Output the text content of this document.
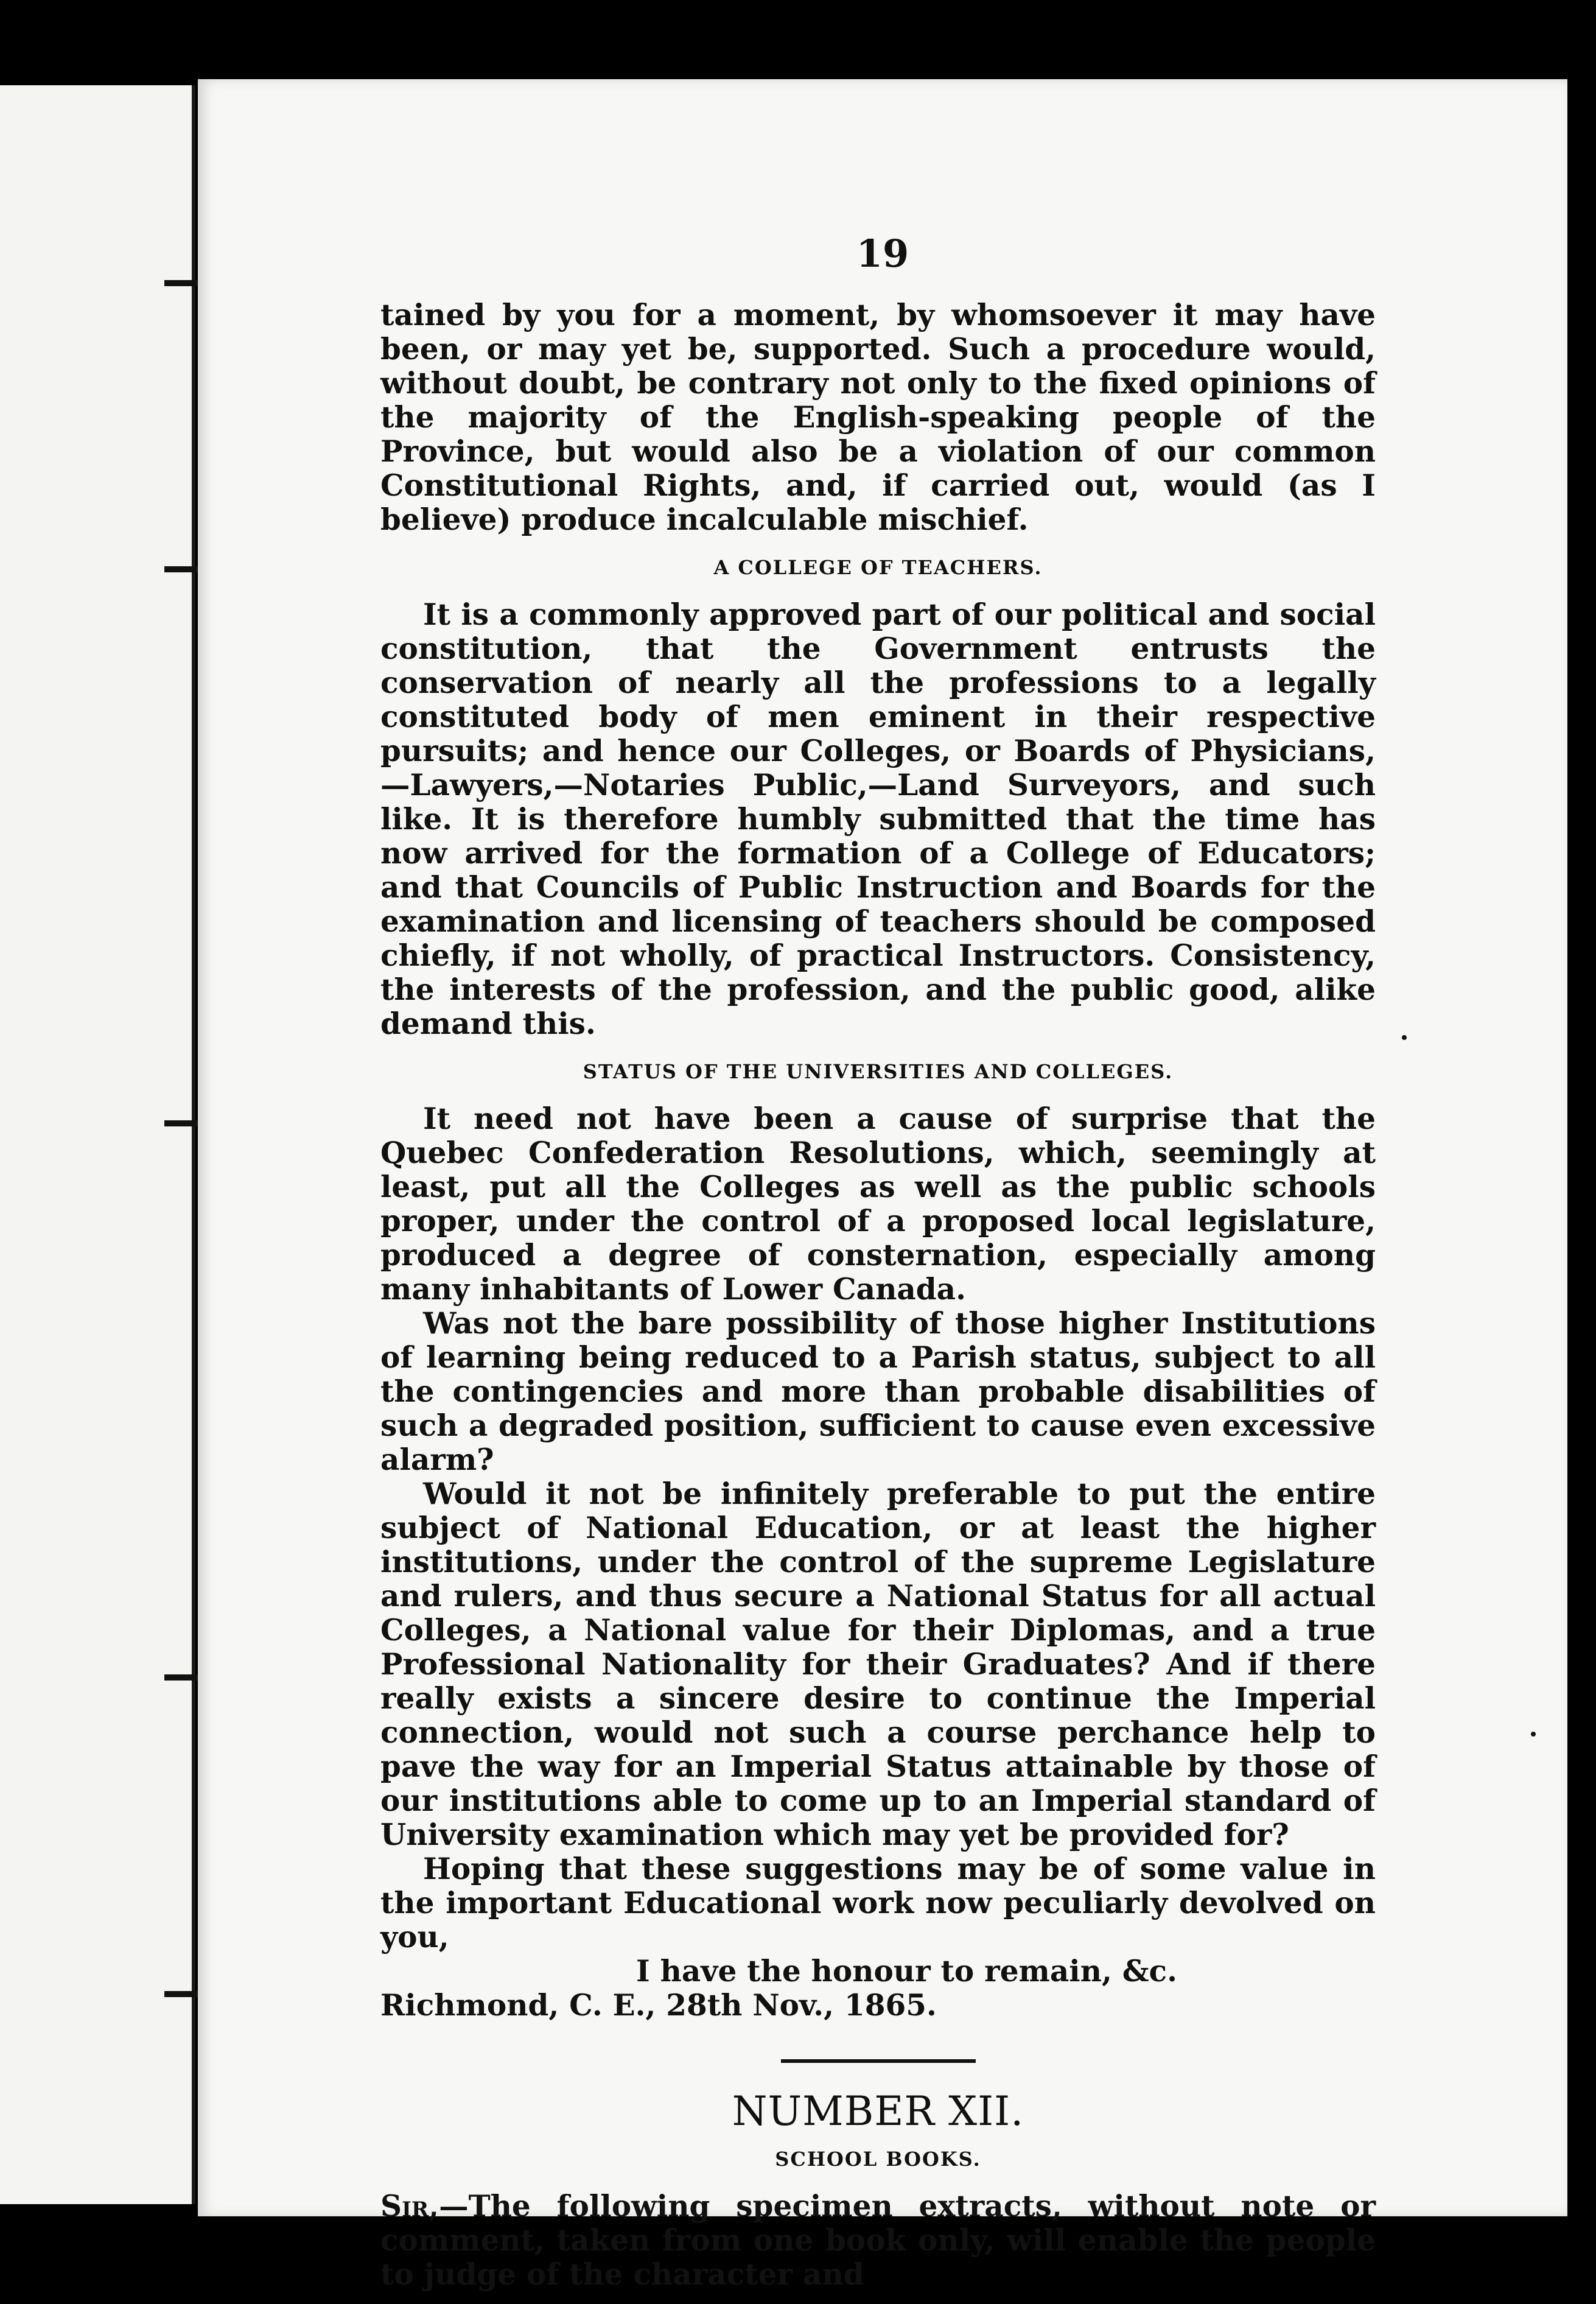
19

tained by you for a moment, by whomsoever it may have been, or may yet be, supported. Such a procedure would, without doubt, be contrary not only to the fixed opinions of the majority of the English-speaking people of the Province, but would also be a violation of our common Constitutional Rights, and, if carried out, would (as I believe) produce incalculable mischief.

A COLLEGE OF TEACHERS.

It is a commonly approved part of our political and social constitution, that the Government entrusts the conservation of nearly all the professions to a legally constituted body of men eminent in their respective pursuits; and hence our Colleges, or Boards of Physicians,—Lawyers,—Notaries Public,—Land Surveyors, and such like. It is therefore humbly submitted that the time has now arrived for the formation of a College of Educators; and that Councils of Public Instruction and Boards for the examination and licensing of teachers should be composed chiefly, if not wholly, of practical Instructors. Consistency, the interests of the profession, and the public good, alike demand this.

STATUS OF THE UNIVERSITIES AND COLLEGES.

It need not have been a cause of surprise that the Quebec Confederation Resolutions, which, seemingly at least, put all the Colleges as well as the public schools proper, under the control of a proposed local legislature, produced a degree of consternation, especially among many inhabitants of Lower Canada.

Was not the bare possibility of those higher Institutions of learning being reduced to a Parish status, subject to all the contingencies and more than probable disabilities of such a degraded position, sufficient to cause even excessive alarm?

Would it not be infinitely preferable to put the entire subject of National Education, or at least the higher institutions, under the control of the supreme Legislature and rulers, and thus secure a National Status for all actual Colleges, a National value for their Diplomas, and a true Professional Nationality for their Graduates? And if there really exists a sincere desire to continue the Imperial connection, would not such a course perchance help to pave the way for an Imperial Status attainable by those of our institutions able to come up to an Imperial standard of University examination which may yet be provided for?

Hoping that these suggestions may be of some value in the important Educational work now peculiarly devolved on you,

I have the honour to remain, &c.

Richmond, C. E., 28th Nov., 1865.

NUMBER XII.
SCHOOL BOOKS.

Sir,—The following specimen extracts, without note or comment, taken from one book only, will enable the people to judge of the character and
